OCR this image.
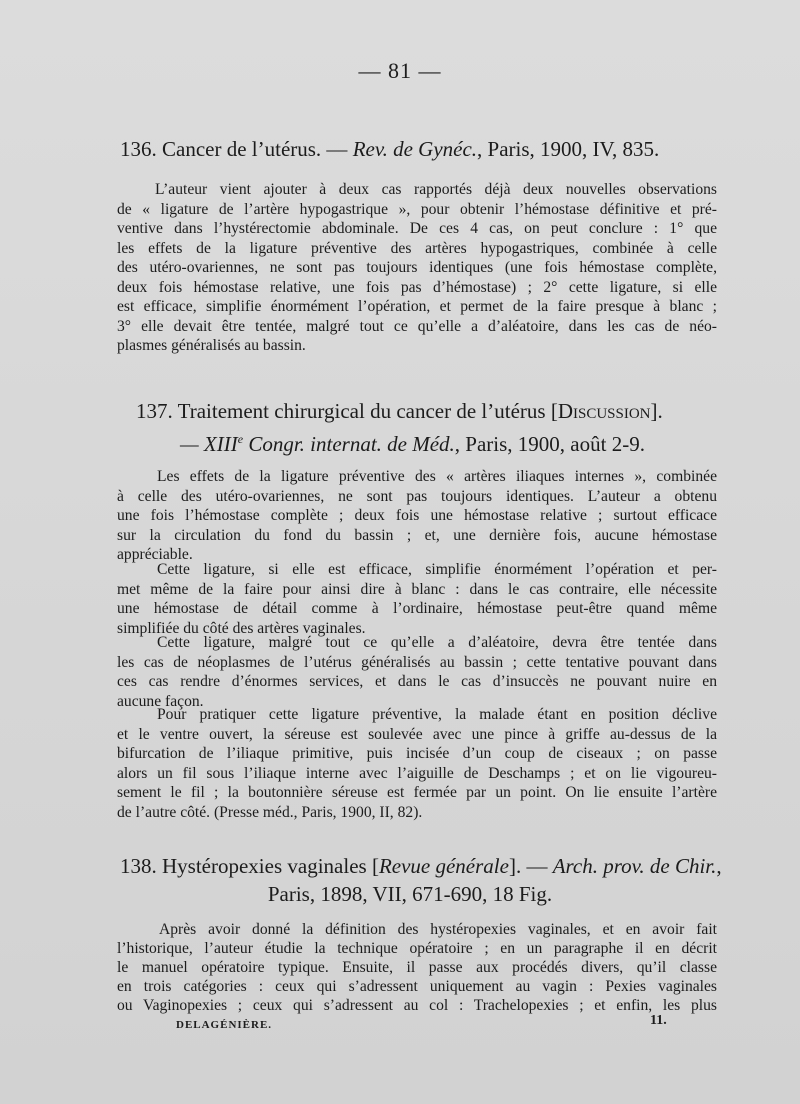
— 81 —
136. Cancer de l’utérus. — Rev. de Gynéc., Paris, 1900, IV, 835.
L’auteur vient ajouter à deux cas rapportés déjà deux nouvelles observations
de « ligature de l’artère hypogastrique », pour obtenir l’hémostase définitive et pré-
ventive dans l’hystérectomie abdominale. De ces 4 cas, on peut conclure : 1° que
les effets de la ligature préventive des artères hypogastriques, combinée à celle
des utéro-ovariennes, ne sont pas toujours identiques (une fois hémostase complète,
deux fois hémostase relative, une fois pas d’hémostase) ; 2° cette ligature, si elle
est efficace, simplifie énormément l’opération, et permet de la faire presque à blanc ;
3° elle devait être tentée, malgré tout ce qu’elle a d’aléatoire, dans les cas de néo-
plasmes généralisés au bassin.
137. Traitement chirurgical du cancer de l’utérus [Discussion].
— XIIIe Congr. internat. de Méd., Paris, 1900, août 2-9.
Les effets de la ligature préventive des « artères iliaques internes », combinée
à celle des utéro-ovariennes, ne sont pas toujours identiques. L’auteur a obtenu
une fois l’hémostase complète ; deux fois une hémostase relative ; surtout efficace
sur la circulation du fond du bassin ; et, une dernière fois, aucune hémostase
appréciable.
Cette ligature, si elle est efficace, simplifie énormément l’opération et per-
met même de la faire pour ainsi dire à blanc : dans le cas contraire, elle nécessite
une hémostase de détail comme à l’ordinaire, hémostase peut-être quand même
simplifiée du côté des artères vaginales.
Cette ligature, malgré tout ce qu’elle a d’aléatoire, devra être tentée dans
les cas de néoplasmes de l’utérus généralisés au bassin ; cette tentative pouvant dans
ces cas rendre d’énormes services, et dans le cas d’insuccès ne pouvant nuire en
aucune façon.
Pour pratiquer cette ligature préventive, la malade étant en position déclive
et le ventre ouvert, la séreuse est soulevée avec une pince à griffe au-dessus de la
bifurcation de l’iliaque primitive, puis incisée d’un coup de ciseaux ; on passe
alors un fil sous l’iliaque interne avec l’aiguille de Deschamps ; et on lie vigoureu-
sement le fil ; la boutonnière séreuse est fermée par un point. On lie ensuite l’artère
de l’autre côté. (Presse méd., Paris, 1900, II, 82).
138. Hystéropexies vaginales [Revue générale]. — Arch. prov. de Chir.,
Paris, 1898, VII, 671-690, 18 Fig.
Après avoir donné la définition des hystéropexies vaginales, et en avoir fait
l’historique, l’auteur étudie la technique opératoire ; en un paragraphe il en décrit
le manuel opératoire typique. Ensuite, il passe aux procédés divers, qu’il classe
en trois catégories : ceux qui s’adressent uniquement au vagin : Pexies vaginales
ou Vaginopexies ; ceux qui s’adressent au col : Trachelopexies ; et enfin, les plus
DELAGÉNIÈRE.	11.
